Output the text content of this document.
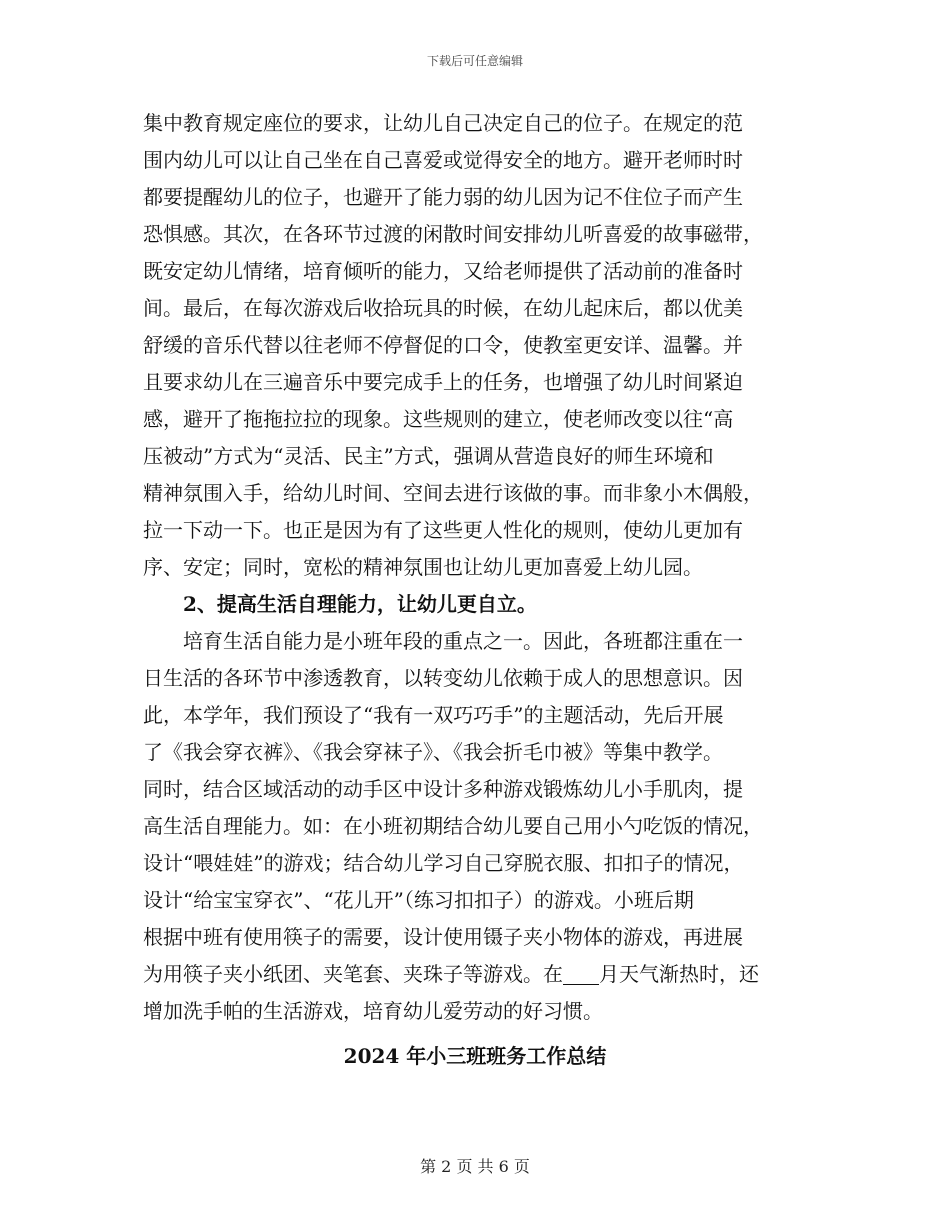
下载后可任意编辑
集中教育规定座位的要求，让幼儿自己决定自己的位子。在规定的范
围内幼儿可以让自己坐在自己喜爱或觉得安全的地方。避开老师时时
都要提醒幼儿的位子，也避开了能力弱的幼儿因为记不住位子而产生
恐惧感。其次，在各环节过渡的闲散时间安排幼儿听喜爱的故事磁带，
既安定幼儿情绪，培育倾听的能力，又给老师提供了活动前的准备时
间。最后，在每次游戏后收拾玩具的时候，在幼儿起床后，都以优美
舒缓的音乐代替以往老师不停督促的口令，使教室更安详、温馨。并
且要求幼儿在三遍音乐中要完成手上的任务，也增强了幼儿时间紧迫
感，避开了拖拖拉拉的现象。这些规则的建立，使老师改变以往“高
压被动”方式为“灵活、民主”方式，强调从营造良好的师生环境和
精神氛围入手，给幼儿时间、空间去进行该做的事。而非象小木偶般，
拉一下动一下。也正是因为有了这些更人性化的规则，使幼儿更加有
序、安定；同时，宽松的精神氛围也让幼儿更加喜爱上幼儿园。
2、提高生活自理能力，让幼儿更自立。
培育生活自能力是小班年段的重点之一。因此，各班都注重在一
日生活的各环节中渗透教育，以转变幼儿依赖于成人的思想意识。因
此，本学年，我们预设了“我有一双巧巧手”的主题活动，先后开展
了《我会穿衣裤》、《我会穿袜子》、《我会折毛巾被》等集中教学。
同时，结合区域活动的动手区中设计多种游戏锻炼幼儿小手肌肉，提
高生活自理能力。如：在小班初期结合幼儿要自己用小勺吃饭的情况，
设计“喂娃娃”的游戏；结合幼儿学习自己穿脱衣服、扣扣子的情况，
设计“给宝宝穿衣”、“花儿开”（练习扣扣子）的游戏。小班后期
根据中班有使用筷子的需要，设计使用镊子夹小物体的游戏，再进展
为用筷子夹小纸团、夹笔套、夹珠子等游戏。在 月天气渐热时，还
增加洗手帕的生活游戏，培育幼儿爱劳动的好习惯。
2024 年小三班班务工作总结
第 2 页 共 6 页
